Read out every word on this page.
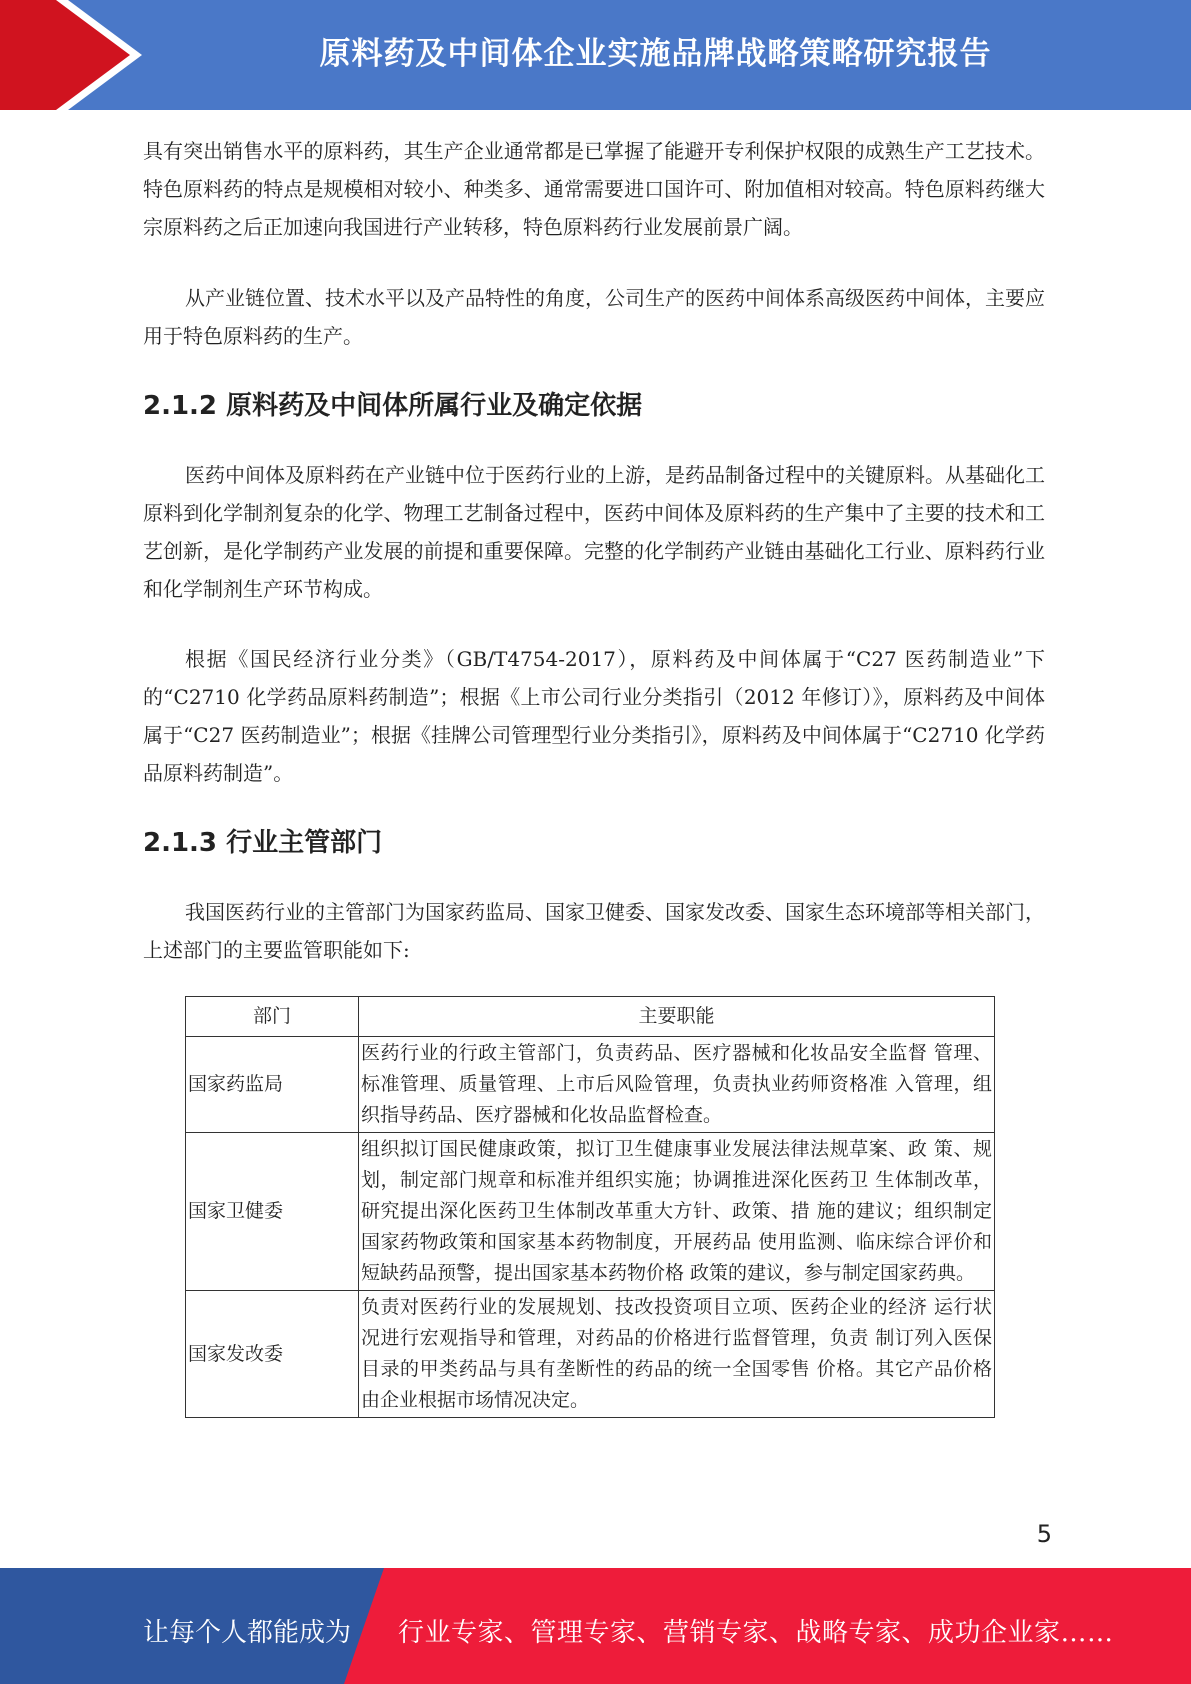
原料药及中间体企业实施品牌战略策略研究报告

具有突出销售水平的原料药，其生产企业通常都是已掌握了能避开专利保护权限的成熟生产工艺技术。特色原料药的特点是规模相对较小、种类多、通常需要进口国许可、附加值相对较高。特色原料药继大宗原料药之后正加速向我国进行产业转移，特色原料药行业发展前景广阔。

从产业链位置、技术水平以及产品特性的角度，公司生产的医药中间体系高级医药中间体，主要应用于特色原料药的生产。

2.1.2 原料药及中间体所属行业及确定依据

医药中间体及原料药在产业链中位于医药行业的上游，是药品制备过程中的关键原料。从基础化工原料到化学制剂复杂的化学、物理工艺制备过程中，医药中间体及原料药的生产集中了主要的技术和工艺创新，是化学制药产业发展的前提和重要保障。完整的化学制药产业链由基础化工行业、原料药行业和化学制剂生产环节构成。

根据《国民经济行业分类》（GB/T4754-2017），原料药及中间体属于“C27 医药制造业”下的“C2710 化学药品原料药制造”；根据《上市公司行业分类指引（2012 年修订）》，原料药及中间体属于“C27 医药制造业”；根据《挂牌公司管理型行业分类指引》，原料药及中间体属于“C2710 化学药品原料药制造”。

2.1.3 行业主管部门

我国医药行业的主管部门为国家药监局、国家卫健委、国家发改委、国家生态环境部等相关部门，上述部门的主要监管职能如下:

部门	主要职能
国家药监局	医药行业的行政主管部门，负责药品、医疗器械和化妆品安全监督 管理、标准管理、质量管理、上市后风险管理，负责执业药师资格准 入管理，组织指导药品、医疗器械和化妆品监督检查。
国家卫健委	组织拟订国民健康政策，拟订卫生健康事业发展法律法规草案、政 策、规划，制定部门规章和标准并组织实施；协调推进深化医药卫 生体制改革，研究提出深化医药卫生体制改革重大方针、政策、措 施的建议；组织制定国家药物政策和国家基本药物制度，开展药品 使用监测、临床综合评价和短缺药品预警，提出国家基本药物价格 政策的建议，参与制定国家药典。
国家发改委	负责对医药行业的发展规划、技改投资项目立项、医药企业的经济 运行状况进行宏观指导和管理，对药品的价格进行监督管理，负责 制订列入医保目录的甲类药品与具有垄断性的药品的统一全国零售 价格。其它产品价格由企业根据市场情况决定。
5
让每个人都能成为 行业专家、管理专家、营销专家、战略专家、成功企业家……
